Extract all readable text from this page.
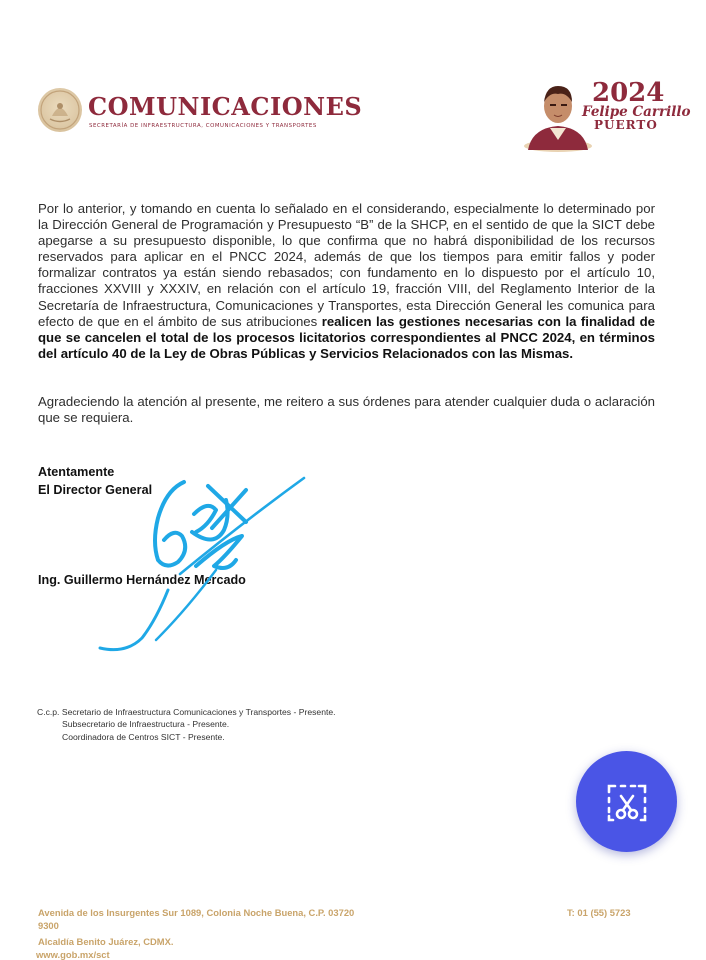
COMUNICACIONES
SECRETARÍA DE INFRAESTRUCTURA, COMUNICACIONES Y TRANSPORTES
2024
Felipe Carrillo
PUERTO
Por lo anterior, y tomando en cuenta lo señalado en el considerando, especialmente lo determinado por la Dirección General de Programación y Presupuesto “B” de la SHCP, en el sentido de que la SICT debe apegarse a su presupuesto disponible, lo que confirma que no habrá disponibilidad de los recursos reservados para aplicar en el PNCC 2024, además de que los tiempos para emitir fallos y poder formalizar contratos ya están siendo rebasados; con fundamento en lo dispuesto por el artículo 10, fracciones XXVIII y XXXIV, en relación con el artículo 19, fracción VIII, del Reglamento Interior de la Secretaría de Infraestructura, Comunicaciones y Transportes, esta Dirección General les comunica para efecto de que en el ámbito de sus atribuciones realicen las gestiones necesarias con la finalidad de que se cancelen el total de los procesos licitatorios correspondientes al PNCC 2024, en términos del artículo 40 de la Ley de Obras Públicas y Servicios Relacionados con las Mismas.
Agradeciendo la atención al presente, me reitero a sus órdenes para atender cualquier duda o aclaración que se requiera.
Atentamente
El Director General
Ing. Guillermo Hernández Mercado
C.c.p. Secretario de Infraestructura Comunicaciones y Transportes - Presente.
Subsecretario de Infraestructura - Presente.
Coordinadora de Centros SICT - Presente.
Avenida de los Insurgentes Sur 1089, Colonia Noche Buena, C.P. 03720
9300
Alcaldía Benito Juárez, CDMX.
www.gob.mx/sct
T: 01 (55) 5723
